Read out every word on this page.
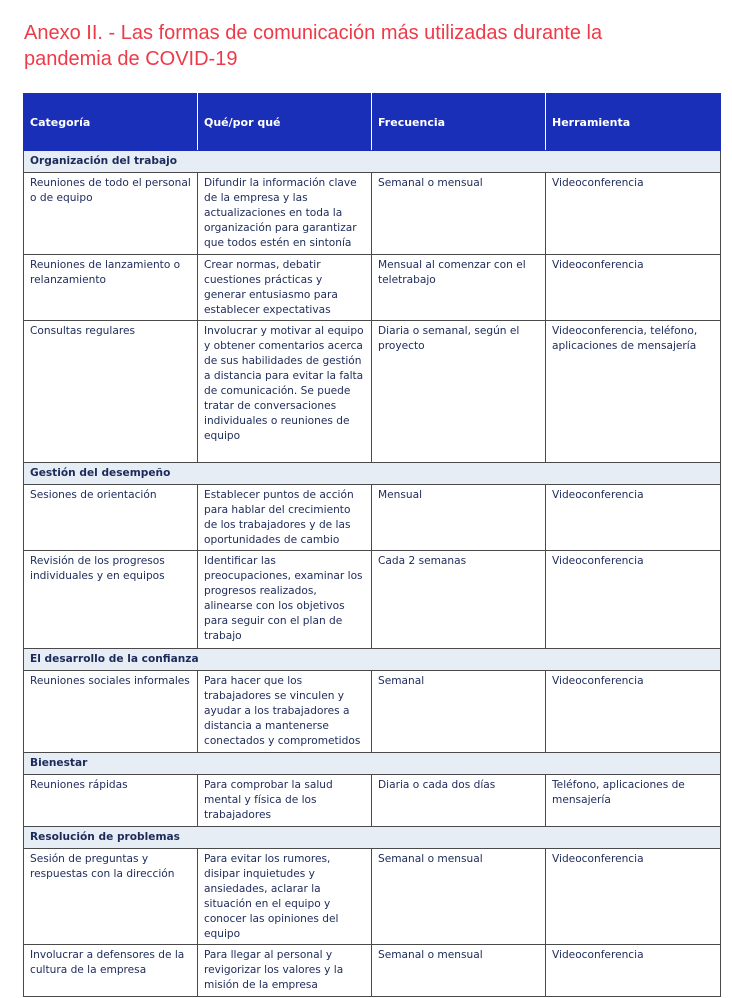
Anexo II. - Las formas de comunicación más utilizadas durante la
pandemia de COVID-19
Categoría	Qué/por qué	Frecuencia	Herramienta
Organización del trabajo			
Reuniones de todo el personal o de equipo	Difundir la información clave de la empresa y las actualizaciones en toda la organización para garantizar que todos estén en sintonía	Semanal o mensual	Videoconferencia
Reuniones de lanzamiento o relanzamiento	Crear normas, debatir cuestiones prácticas y generar entusiasmo para establecer expectativas	Mensual al comenzar con el teletrabajo	Videoconferencia
Consultas regulares	Involucrar y motivar al equipo y obtener comentarios acerca de sus habilidades de gestión a distancia para evitar la falta de comunicación. Se puede tratar de conversaciones individuales o reuniones de equipo	Diaria o semanal, según el proyecto	Videoconferencia, teléfono, aplicaciones de mensajería
Gestión del desempeño			
Sesiones de orientación	Establecer puntos de acción para hablar del crecimiento de los trabajadores y de las oportunidades de cambio	Mensual	Videoconferencia
Revisión de los progresos individuales y en equipos	Identificar las preocupaciones, examinar los progresos realizados, alinearse con los objetivos para seguir con el plan de trabajo	Cada 2 semanas	Videoconferencia
El desarrollo de la confianza			
Reuniones sociales informales	Para hacer que los trabajadores se vinculen y ayudar a los trabajadores a distancia a mantenerse conectados y comprometidos	Semanal	Videoconferencia
Bienestar			
Reuniones rápidas	Para comprobar la salud mental y física de los trabajadores	Diaria o cada dos días	Teléfono, aplicaciones de mensajería
Resolución de problemas			
Sesión de preguntas y respuestas con la dirección	Para evitar los rumores, disipar inquietudes y ansiedades, aclarar la situación en el equipo y conocer las opiniones del equipo	Semanal o mensual	Videoconferencia
Involucrar a defensores de la cultura de la empresa	Para llegar al personal y revigorizar los valores y la misión de la empresa	Semanal o mensual	Videoconferencia
